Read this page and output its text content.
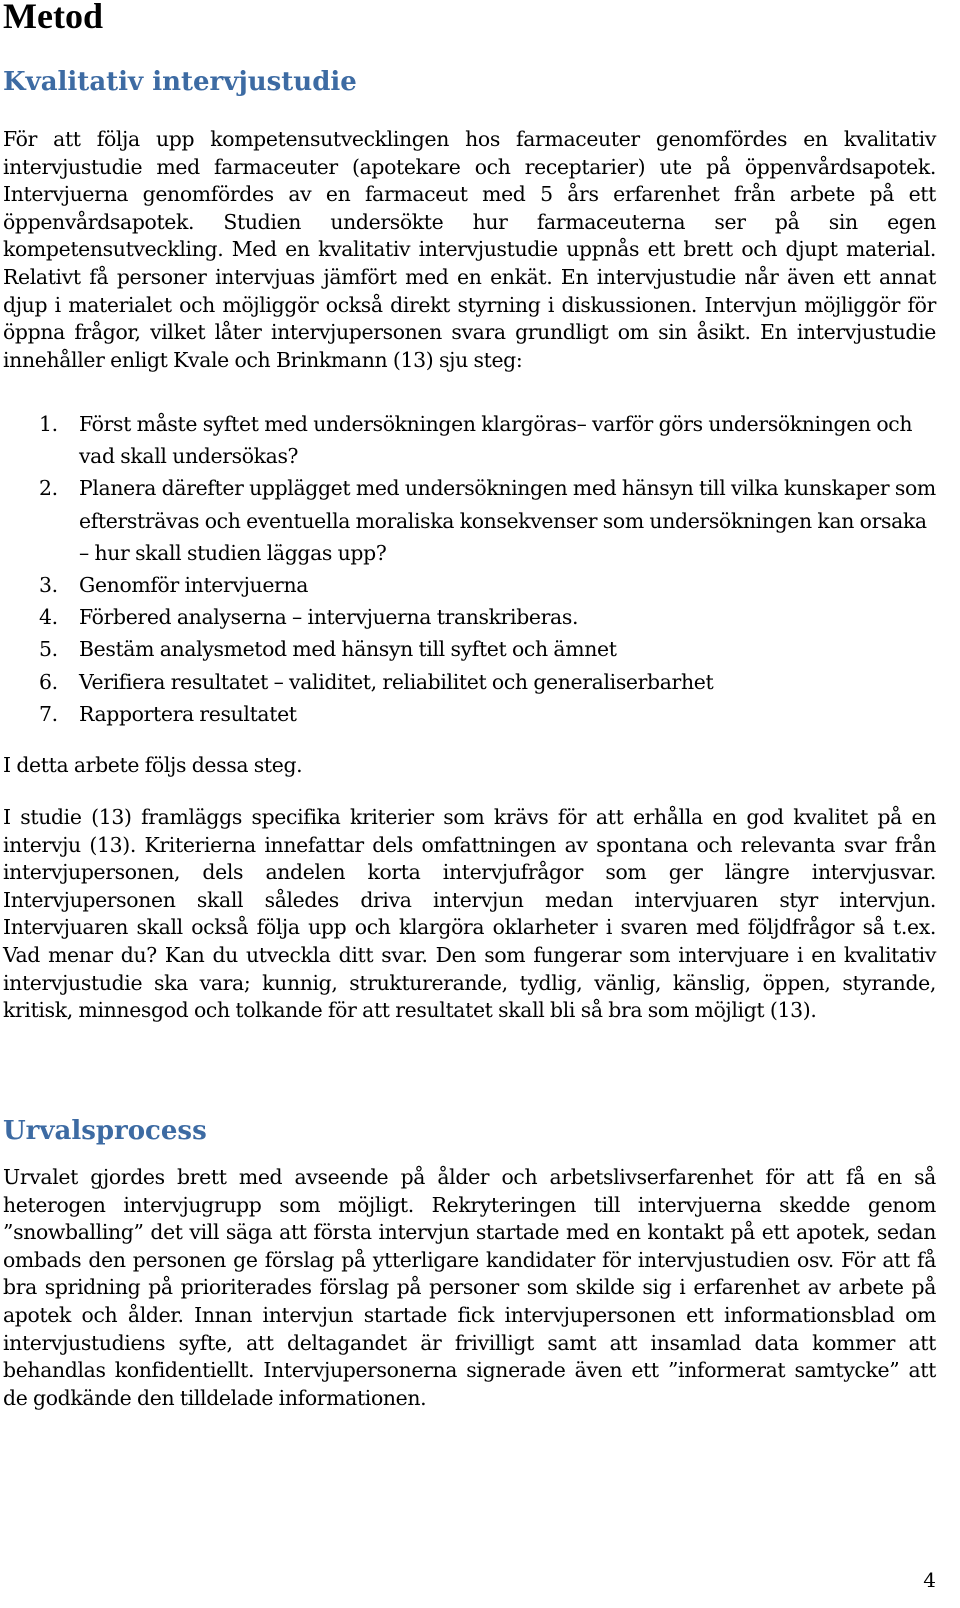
Metod
Kvalitativ intervjustudie

För att följa upp kompetensutvecklingen hos farmaceuter genomfördes en kvalitativ intervjustudie med farmaceuter (apotekare och receptarier) ute på öppenvårdsapotek. Intervjuerna genomfördes av en farmaceut med 5 års erfarenhet från arbete på ett öppenvårdsapotek. Studien undersökte hur farmaceuterna ser på sin egen kompetensutveckling. Med en kvalitativ intervjustudie uppnås ett brett och djupt material. Relativt få personer intervjuas jämfört med en enkät. En intervjustudie når även ett annat djup i materialet och möjliggör också direkt styrning i diskussionen. Intervjun möjliggör för öppna frågor, vilket låter intervjupersonen svara grundligt om sin åsikt. En intervjustudie innehåller enligt Kvale och Brinkmann (13) sju steg:

1. Först måste syftet med undersökningen klargöras– varför görs undersökningen och vad skall undersökas?
2. Planera därefter upplägget med undersökningen med hänsyn till vilka kunskaper som eftersträvas och eventuella moraliska konsekvenser som undersökningen kan orsaka – hur skall studien läggas upp?
3. Genomför intervjuerna
4. Förbered analyserna – intervjuerna transkriberas.
5. Bestäm analysmetod med hänsyn till syftet och ämnet
6. Verifiera resultatet – validitet, reliabilitet och generaliserbarhet
7. Rapportera resultatet

I detta arbete följs dessa steg.

I studie (13) framläggs specifika kriterier som krävs för att erhålla en god kvalitet på en intervju (13). Kriterierna innefattar dels omfattningen av spontana och relevanta svar från intervjupersonen, dels andelen korta intervjufrågor som ger längre intervjusvar. Intervjupersonen skall således driva intervjun medan intervjuaren styr intervjun. Intervjuaren skall också följa upp och klargöra oklarheter i svaren med följdfrågor så t.ex. Vad menar du? Kan du utveckla ditt svar. Den som fungerar som intervjuare i en kvalitativ intervjustudie ska vara; kunnig, strukturerande, tydlig, vänlig, känslig, öppen, styrande, kritisk, minnesgod och tolkande för att resultatet skall bli så bra som möjligt (13).

Urvalsprocess

Urvalet gjordes brett med avseende på ålder och arbetslivserfarenhet för att få en så heterogen intervjugrupp som möjligt. Rekryteringen till intervjuerna skedde genom ”snowballing” det vill säga att första intervjun startade med en kontakt på ett apotek, sedan ombads den personen ge förslag på ytterligare kandidater för intervjustudien osv. För att få bra spridning på prioriterades förslag på personer som skilde sig i erfarenhet av arbete på apotek och ålder. Innan intervjun startade fick intervjupersonen ett informationsblad om intervjustudiens syfte, att deltagandet är frivilligt samt att insamlad data kommer att behandlas konfidentiellt. Intervjupersonerna signerade även ett ”informerat samtycke” att de godkände den tilldelade informationen.

4
